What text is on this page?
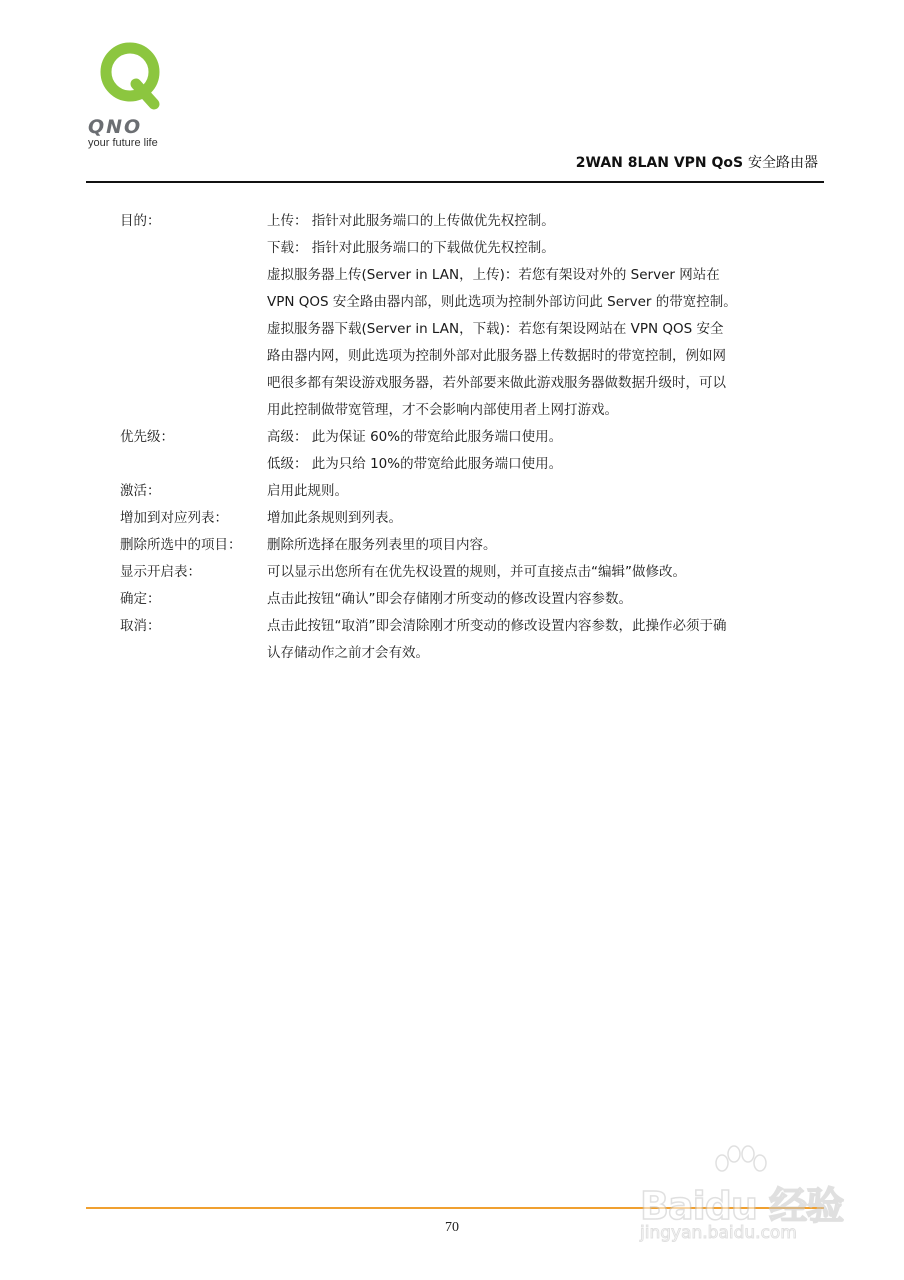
QNO
your future life
2WAN 8LAN VPN QoS 安全路由器
目的：	上传： 指针对此服务端口的上传做优先权控制。
下载： 指针对此服务端口的下载做优先权控制。
虚拟服务器上传(Server in LAN，上传)：若您有架设对外的 Server 网站在
VPN QOS 安全路由器内部，则此选项为控制外部访问此 Server 的带宽控制。
虚拟服务器下载(Server in LAN，下载)：若您有架设网站在 VPN QOS 安全
路由器内网，则此选项为控制外部对此服务器上传数据时的带宽控制，例如网
吧很多都有架设游戏服务器，若外部要来做此游戏服务器做数据升级时，可以
用此控制做带宽管理，才不会影响内部使用者上网打游戏。
优先级：	高级： 此为保证 60%的带宽给此服务端口使用。
低级： 此为只给 10%的带宽给此服务端口使用。
激活：	启用此规则。
增加到对应列表：	增加此条规则到列表。
删除所选中的项目：	删除所选择在服务列表里的项目内容。
显示开启表：	可以显示出您所有在优先权设置的规则，并可直接点击“编辑”做修改。
确定：	点击此按钮“确认”即会存储刚才所变动的修改设置内容参数。
取消：	点击此按钮“取消”即会清除刚才所变动的修改设置内容参数，此操作必须于确
认存储动作之前才会有效。
70	Baidu 经验
jingyan.baidu.com
